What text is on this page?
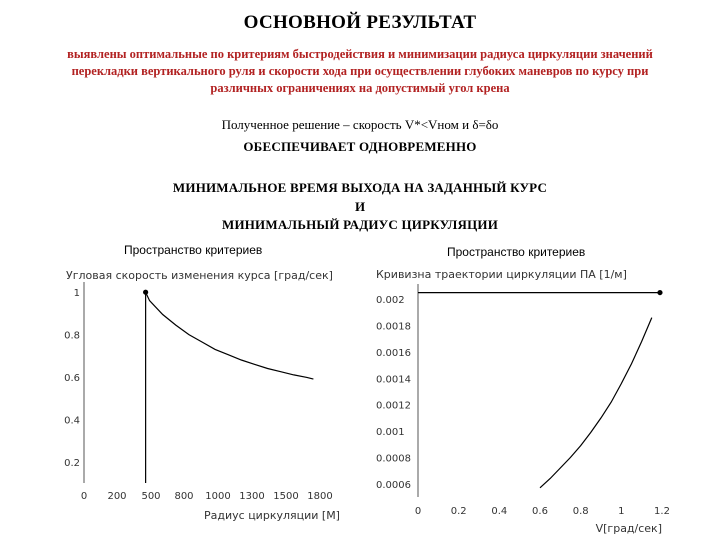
ОСНОВНОЙ РЕЗУЛЬТАТ
выявлены оптимальные по критериям быстродействия и минимизации радиуса циркуляции значений перекладки вертикального руля и скорости хода при осуществлении глубоких маневров по курсу при различных ограничениях на допустимый угол крена
Полученное решение – скорость V*<Vном и δ=δо
ОБЕСПЕЧИВАЕТ ОДНОВРЕМЕННО
МИНИМАЛЬНОЕ ВРЕМЯ ВЫХОДА НА ЗАДАННЫЙ КУРС
И
МИНИМАЛЬНЫЙ РАДИУС ЦИРКУЛЯЦИИ
Пространство критериев	Пространство критериев
Угловая скорость изменения курса [град/сек]
0.2
0.4
0.6
0.8
1
0 200 500 800 1000 1300 1500 1800
Радиус циркуляции [М]
Кривизна траектории циркуляции ПА [1/м]
0.0006
0.0008
0.001
0.0012
0.0014
0.0016
0.0018
0.002
0	0.2 0.4 0.6 0.8	1	1.2
V[град/сек]
